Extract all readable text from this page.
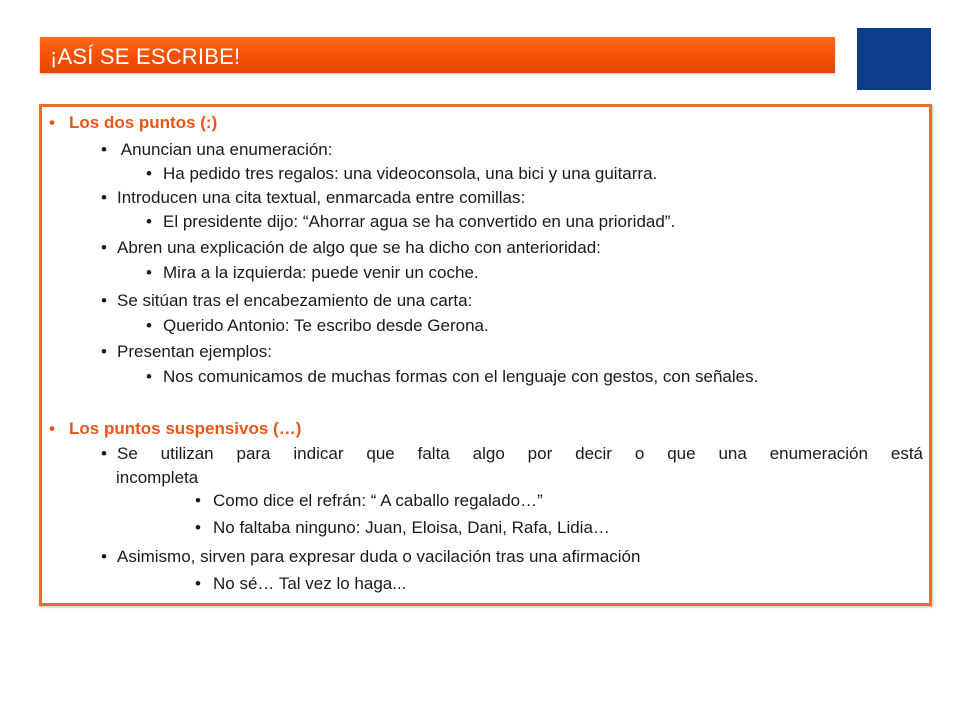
¡ASÍ SE ESCRIBE!
• Los dos puntos (:)
• Anuncian una enumeración:
• Ha pedido tres regalos: una videoconsola, una bici y una guitarra.
• Introducen una cita textual, enmarcada entre comillas:
• El presidente dijo: “Ahorrar agua se ha convertido en una prioridad”.
• Abren una explicación de algo que se ha dicho con anterioridad:
• Mira a la izquierda: puede venir un coche.
• Se sitúan tras el encabezamiento de una carta:
• Querido Antonio: Te escribo desde Gerona.
• Presentan ejemplos:
• Nos comunicamos de muchas formas con el lenguaje con gestos, con señales.
• Los puntos suspensivos (…)
• Se utilizan para indicar que falta algo por decir o que una enumeración está
incompleta
• Como dice el refrán: “ A caballo regalado…”
• No faltaba ninguno: Juan, Eloisa, Dani, Rafa, Lidia…
• Asimismo, sirven para expresar duda o vacilación tras una afirmación
• No sé… Tal vez lo haga...
